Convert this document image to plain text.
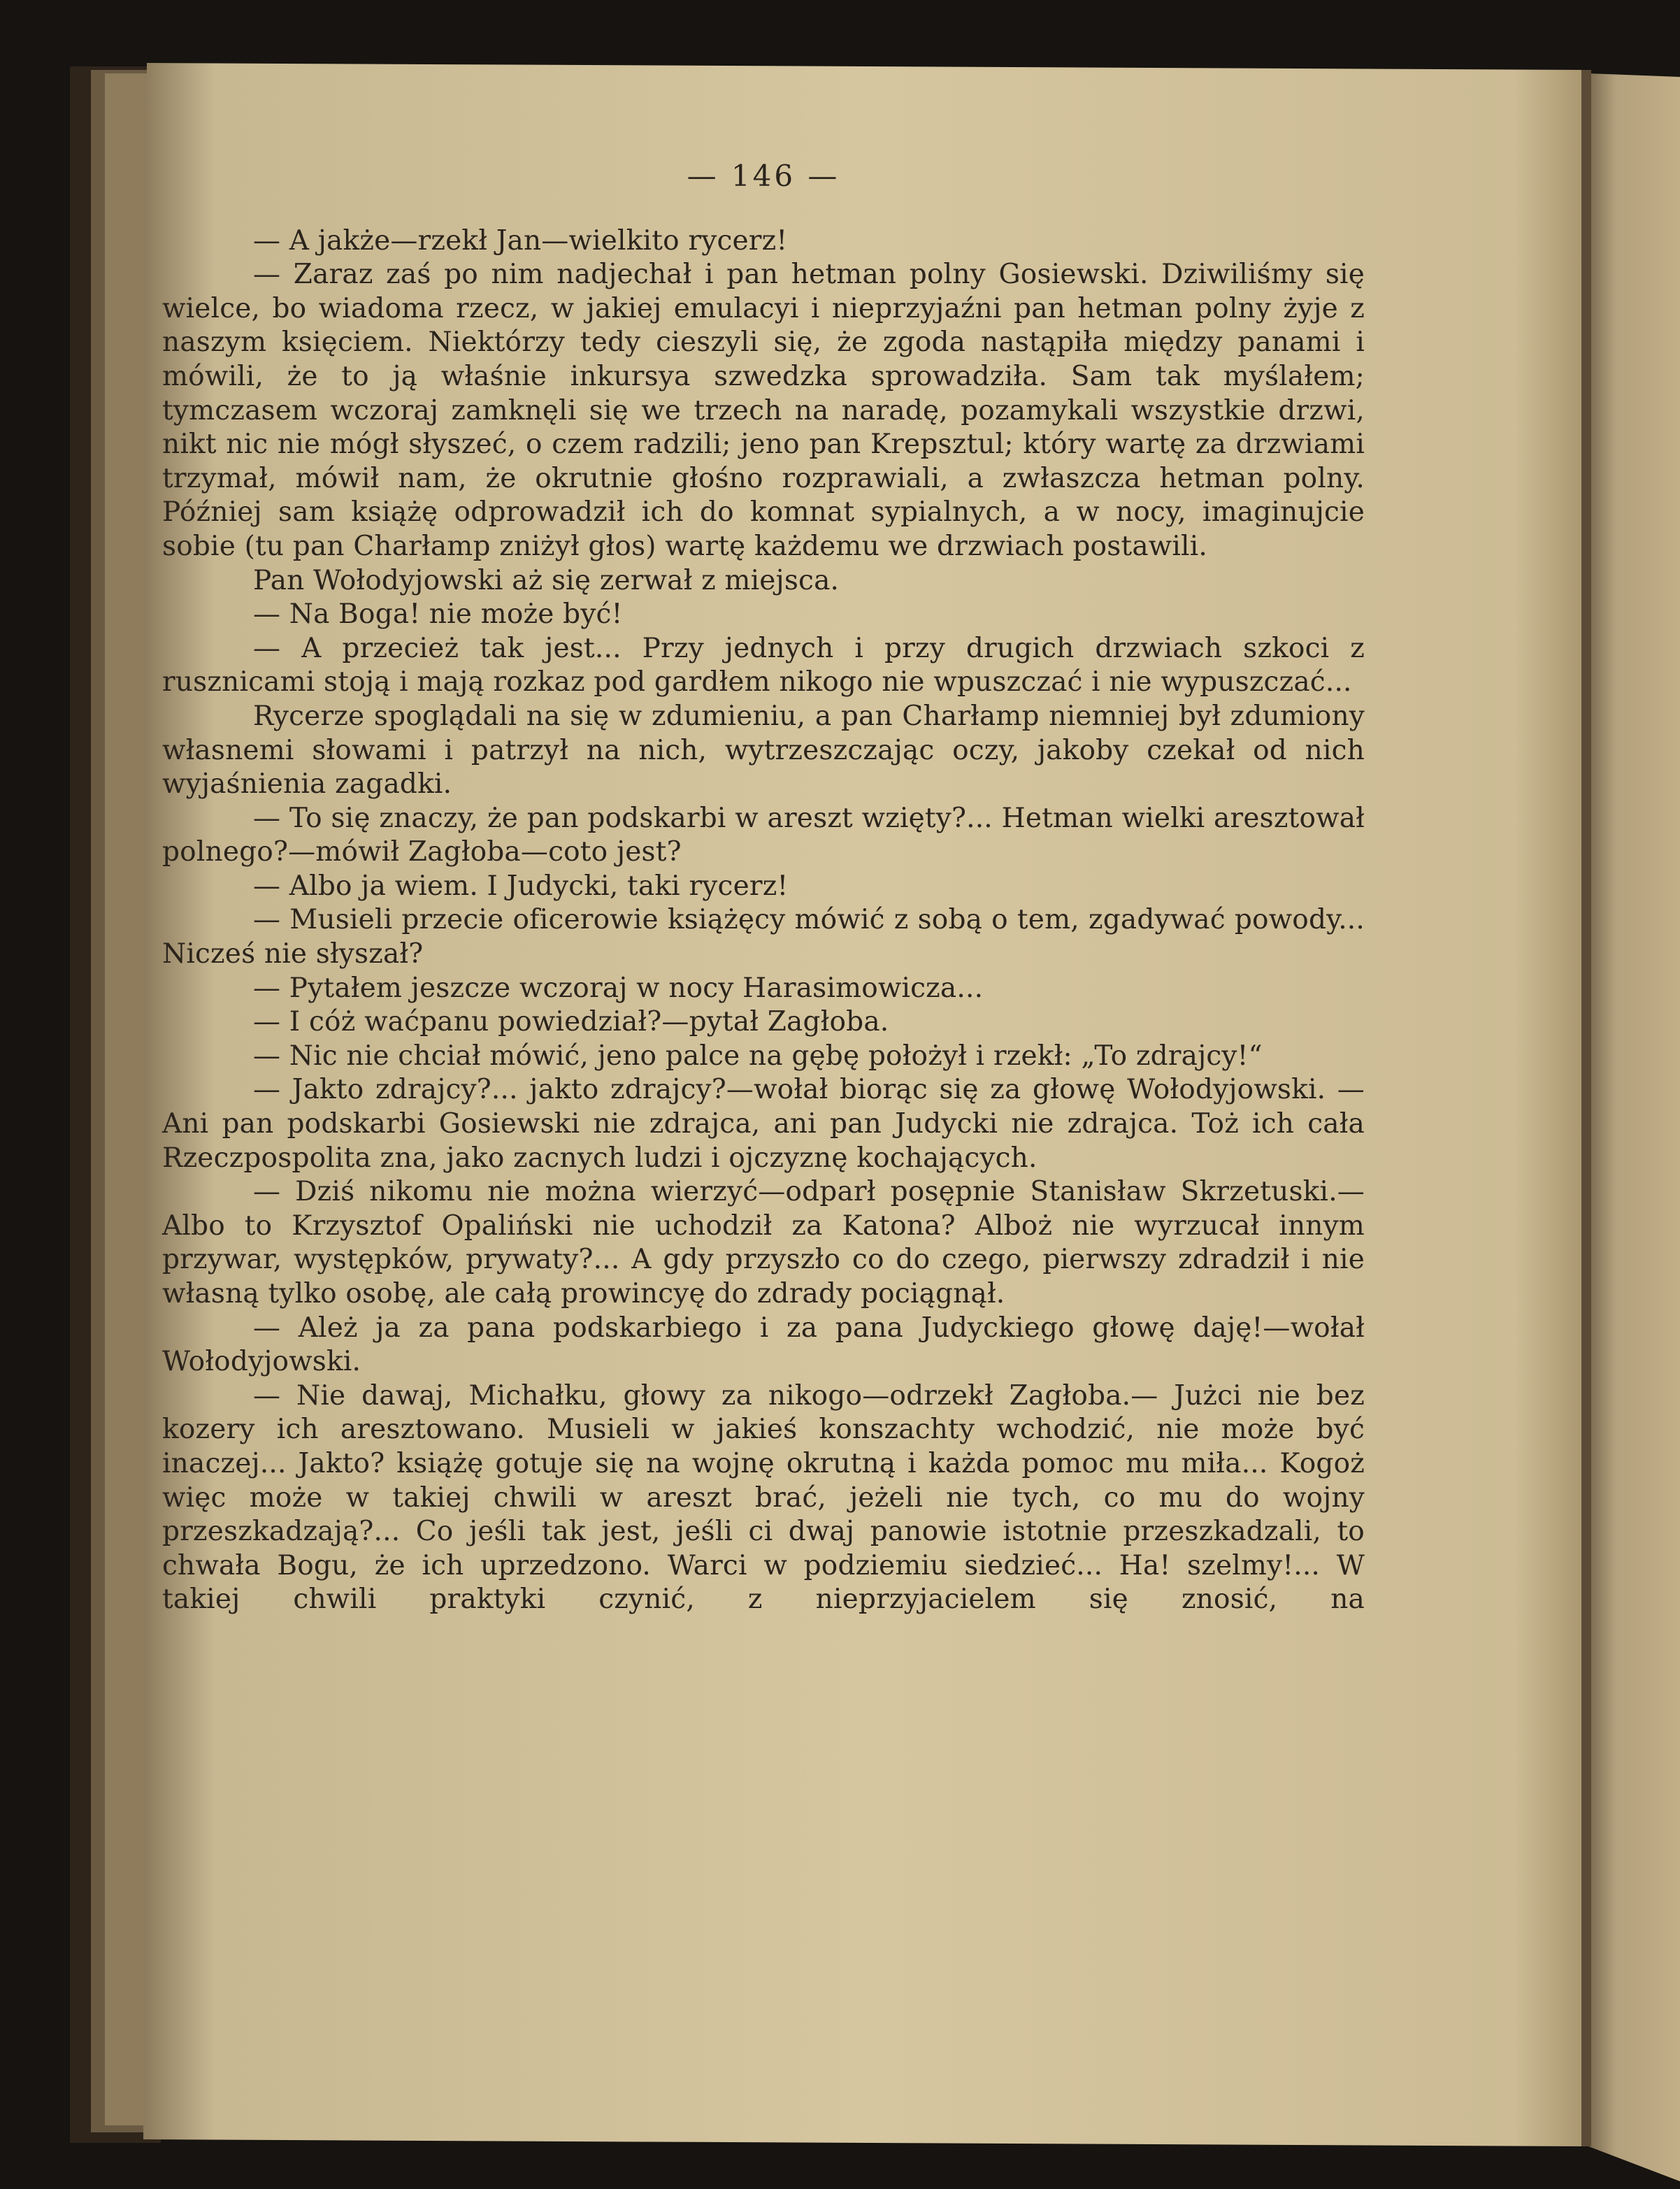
— 146 —

— A jakże—rzekł Jan—wielkito rycerz!

— Zaraz zaś po nim nadjechał i pan hetman polny Gosiewski. Dziwiliśmy się wielce, bo wiadoma rzecz, w jakiej emulacyi i nieprzyjaźni pan hetman polny żyje z naszym księciem. Niektórzy tedy cieszyli się, że zgoda nastąpiła między panami i mówili, że to ją właśnie inkursya szwedzka sprowadziła. Sam tak myślałem; tymczasem wczoraj zamknęli się we trzech na naradę, pozamykali wszystkie drzwi, nikt nic nie mógł słyszeć, o czem radzili; jeno pan Krepsztul; który wartę za drzwiami trzymał, mówił nam, że okrutnie głośno rozprawiali, a zwłaszcza hetman polny. Później sam książę odprowadził ich do komnat sypialnych, a w nocy, imaginujcie sobie (tu pan Charłamp zniżył głos) wartę każdemu we drzwiach postawili.

Pan Wołodyjowski aż się zerwał z miejsca.

— Na Boga! nie może być!

— A przecież tak jest... Przy jednych i przy drugich drzwiach szkoci z rusznicami stoją i mają rozkaz pod gardłem nikogo nie wpuszczać i nie wypuszczać...

Rycerze spoglądali na się w zdumieniu, a pan Charłamp niemniej był zdumiony własnemi słowami i patrzył na nich, wytrzeszczając oczy, jakoby czekał od nich wyjaśnienia zagadki.

— To się znaczy, że pan podskarbi w areszt wzięty?... Hetman wielki aresztował polnego?—mówił Zagłoba—coto jest?

— Albo ja wiem. I Judycki, taki rycerz!

— Musieli przecie oficerowie książęcy mówić z sobą o tem, zgadywać powody... Nicześ nie słyszał?

— Pytałem jeszcze wczoraj w nocy Harasimowicza...

— I cóż waćpanu powiedział?—pytał Zagłoba.

— Nic nie chciał mówić, jeno palce na gębę położył i rzekł: „To zdrajcy!“

— Jakto zdrajcy?... jakto zdrajcy?—wołał biorąc się za głowę Wołodyjowski. — Ani pan podskarbi Gosiewski nie zdrajca, ani pan Judycki nie zdrajca. Toż ich cała Rzeczpospolita zna, jako zacnych ludzi i ojczyznę kochających.

— Dziś nikomu nie można wierzyć—odparł posępnie Stanisław Skrzetuski.—Albo to Krzysztof Opaliński nie uchodził za Katona? Alboż nie wyrzucał innym przywar, występków, prywaty?... A gdy przyszło co do czego, pierwszy zdradził i nie własną tylko osobę, ale całą prowincyę do zdrady pociągnął.

— Ależ ja za pana podskarbiego i za pana Judyckiego głowę daję!—wołał Wołodyjowski.

— Nie dawaj, Michałku, głowy za nikogo—odrzekł Zagłoba.— Jużci nie bez kozery ich aresztowano. Musieli w jakieś konszachty wchodzić, nie może być inaczej... Jakto? książę gotuje się na wojnę okrutną i każda pomoc mu miła... Kogoż więc może w takiej chwili w areszt brać, jeżeli nie tych, co mu do wojny przeszkadzają?... Co jeśli tak jest, jeśli ci dwaj panowie istotnie przeszkadzali, to chwała Bogu, że ich uprzedzono. Warci w podziemiu siedzieć... Ha! szelmy!... W takiej chwili praktyki czynić, z nieprzyjacielem się znosić, na
